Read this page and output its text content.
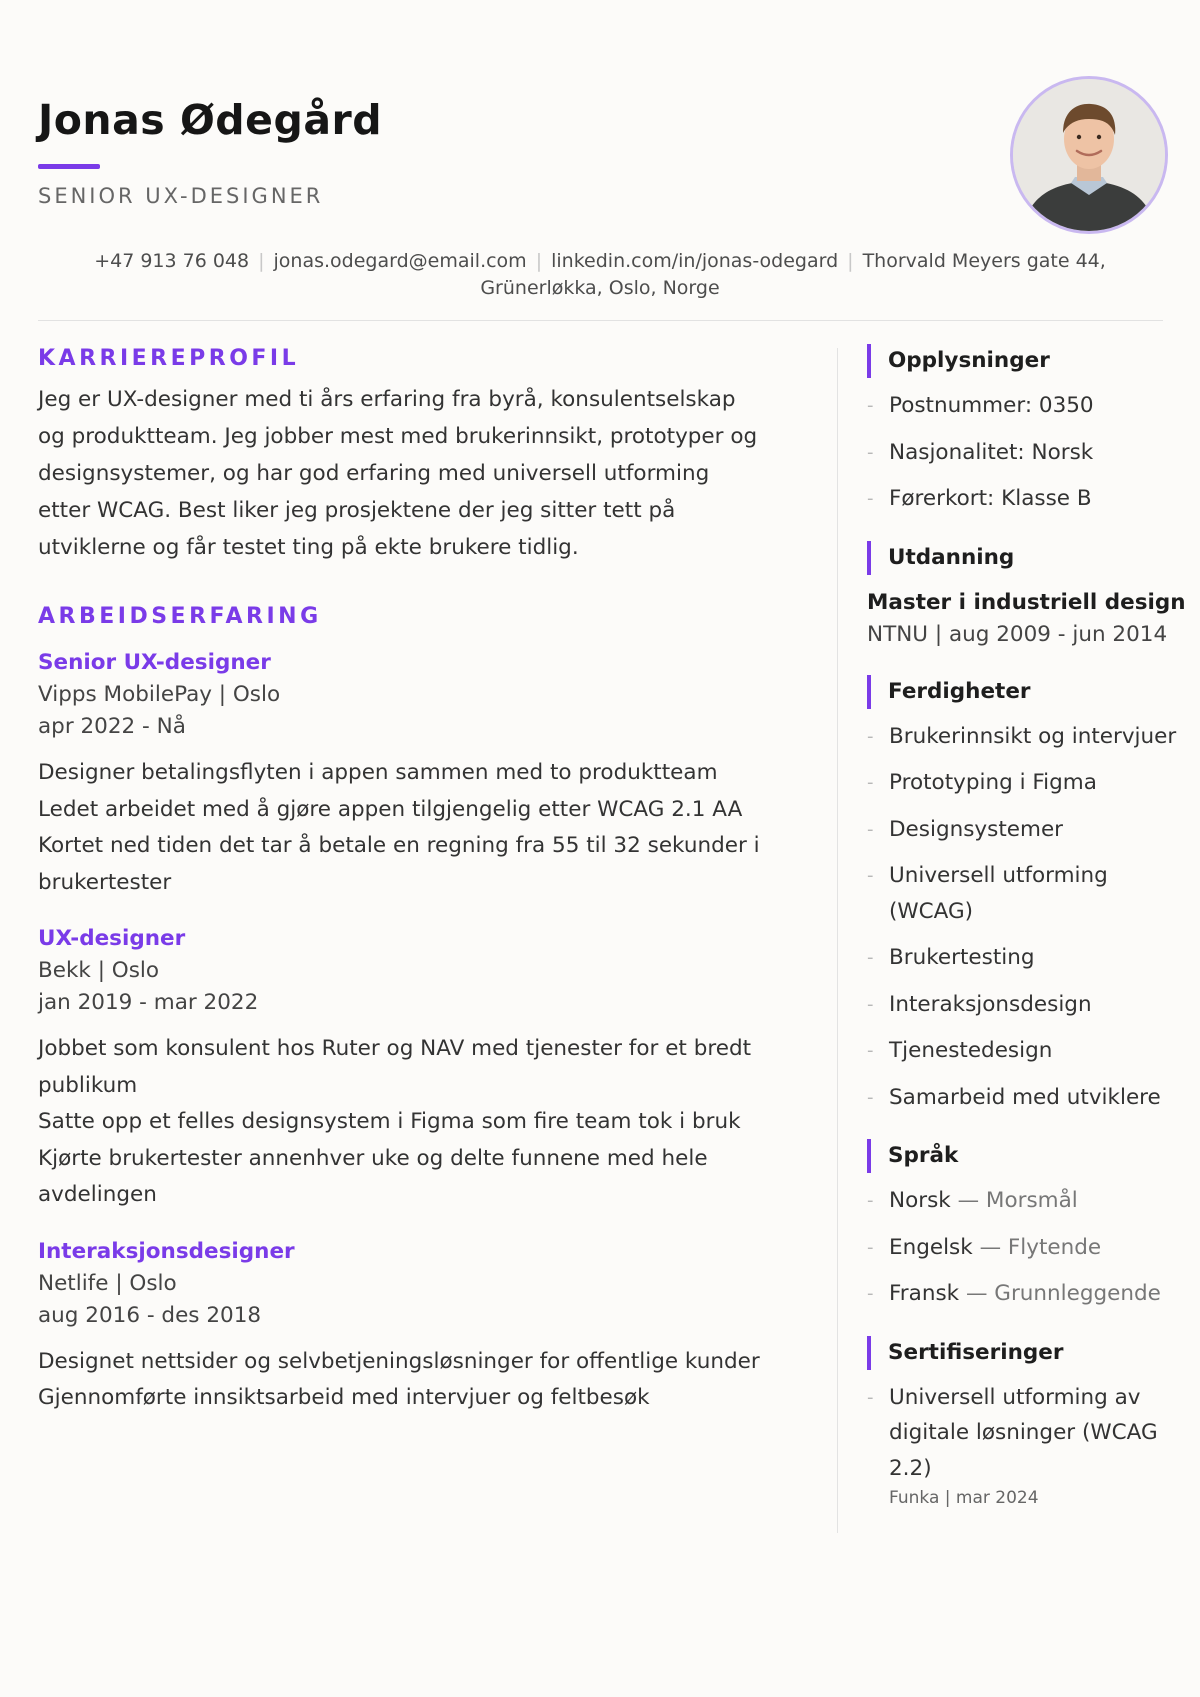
Jonas Ødegård

SENIOR UX-DESIGNER

+47 913 76 048 | jonas.odegard@email.com | linkedin.com/in/jonas-odegard | Thorvald Meyers gate 44, Grünerløkka, Oslo, Norge
KARRIEREPROFIL

Jeg er UX-designer med ti års erfaring fra byrå, konsulentselskap og produktteam. Jeg jobber mest med brukerinnsikt, prototyper og designsystemer, og har god erfaring med universell utforming etter WCAG. Best liker jeg prosjektene der jeg sitter tett på utviklerne og får testet ting på ekte brukere tidlig.

ARBEIDSERFARING

Senior UX-designer

Vipps MobilePay | Oslo

apr 2022 - Nå

Designer betalingsflyten i appen sammen med to produktteam
Ledet arbeidet med å gjøre appen tilgjengelig etter WCAG 2.1 AA
Kortet ned tiden det tar å betale en regning fra 55 til 32 sekunder i brukertester

UX-designer

Bekk | Oslo

jan 2019 - mar 2022

Jobbet som konsulent hos Ruter og NAV med tjenester for et bredt publikum
Satte opp et felles designsystem i Figma som fire team tok i bruk
Kjørte brukertester annenhver uke og delte funnene med hele avdelingen

Interaksjonsdesigner

Netlife | Oslo

aug 2016 - des 2018

Designet nettsider og selvbetjeningsløsninger for offentlige kunder
Gjennomførte innsiktsarbeid med intervjuer og feltbesøk
Opplysninger
- Postnummer: 0350
- Nasjonalitet: Norsk
- Førerkort: Klasse B
Utdanning

Master i industriell design

NTNU | aug 2009 - jun 2014

Ferdigheter
- Brukerinnsikt og intervjuer
- Prototyping i Figma
- Designsystemer
- Universell utforming (WCAG)
- Brukertesting
- Interaksjonsdesign
- Tjenestedesign
- Samarbeid med utviklere
Språk
- Norsk — Morsmål
- Engelsk — Flytende
- Fransk — Grunnleggende
Sertifiseringer
- Universell utforming av digitale løsninger (WCAG 2.2)
Funka | mar 2024
